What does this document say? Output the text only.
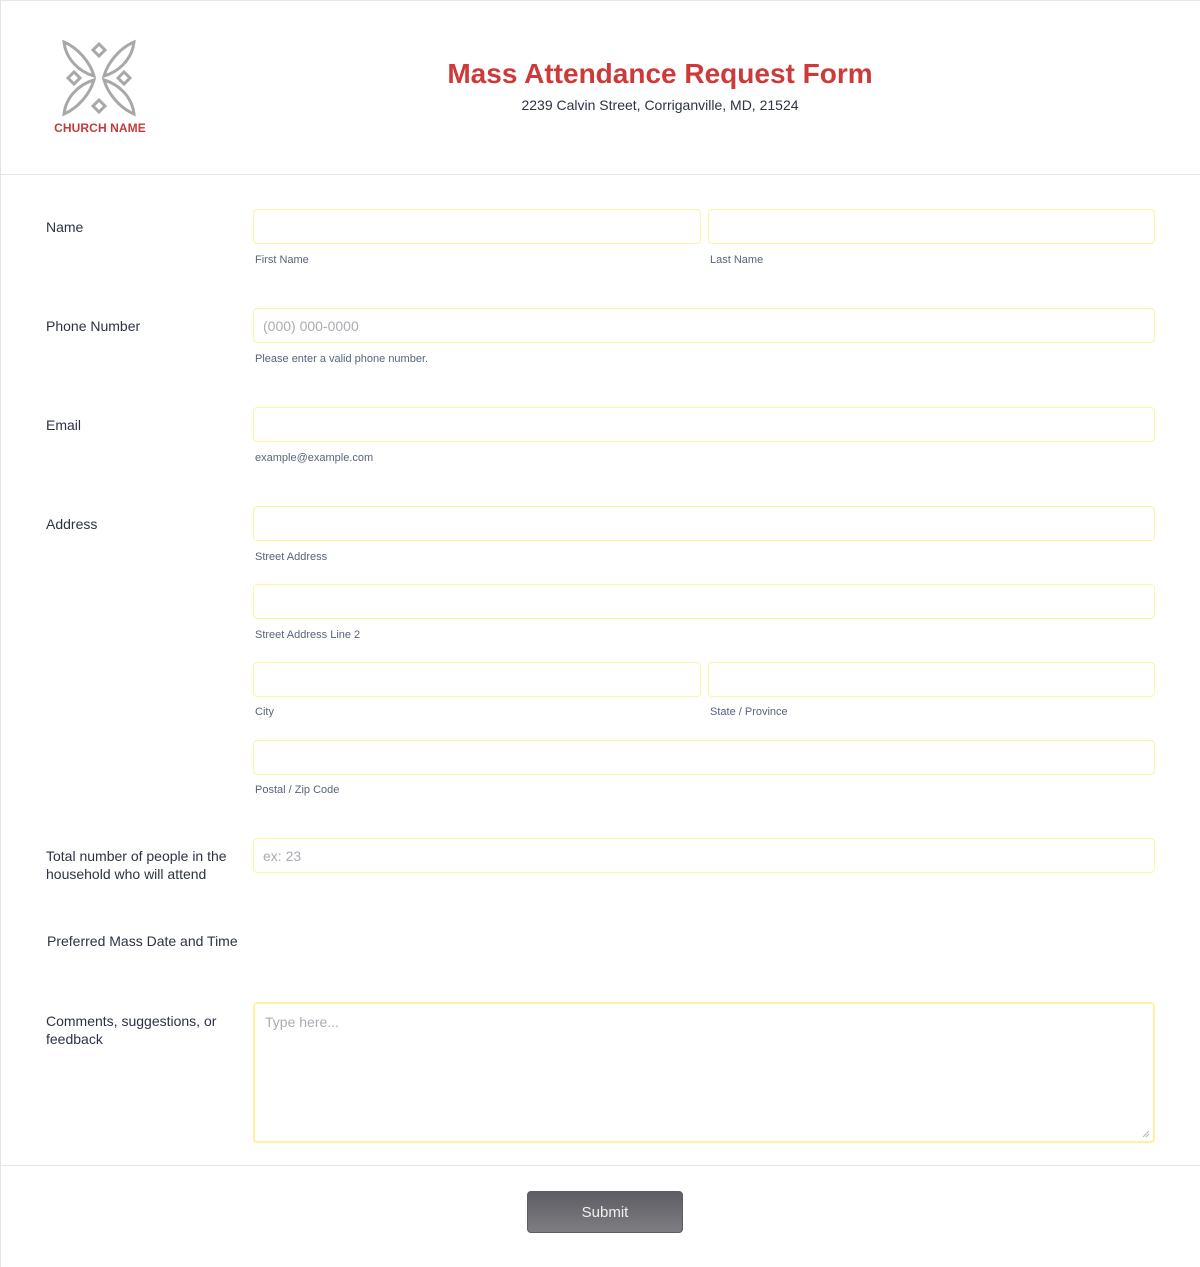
CHURCH NAME
Mass Attendance Request Form
2239 Calvin Street, Corriganville, MD, 21524
Name
First Name	Last Name
Phone Number
(000) 000-0000
Please enter a valid phone number.
Email
example@example.com
Address
Street Address
Street Address Line 2
City	State / Province
Postal / Zip Code
Total number of people in the
household who will attend
ex: 23
Preferred Mass Date and Time
Comments, suggestions, or
feedback
Type here...
Submit
